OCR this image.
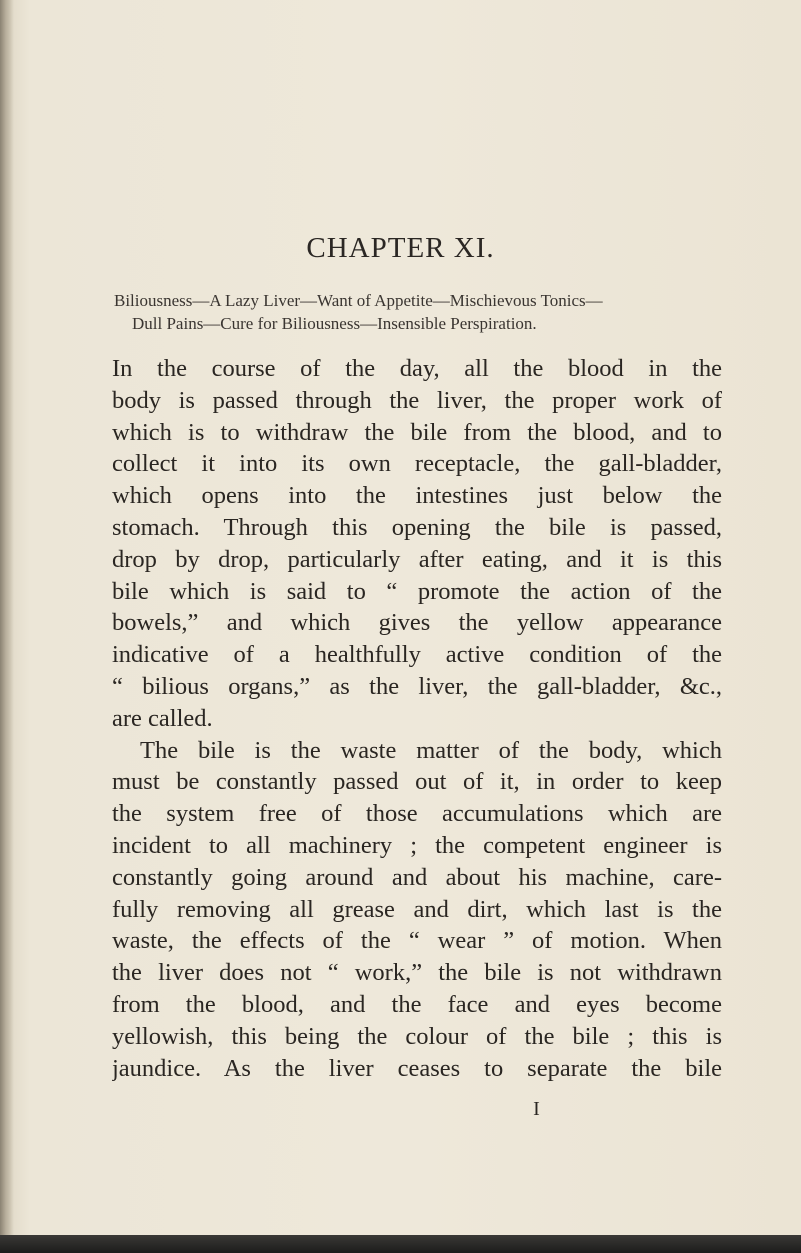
CHAPTER XI.
Biliousness—A Lazy Liver—Want of Appetite—Mischievous Tonics—
Dull Pains—Cure for Biliousness—Insensible Perspiration.

In the course of the day, all the blood in the
body is passed through the liver, the proper work of
which is to withdraw the bile from the blood, and to
collect it into its own receptacle, the gall-bladder,
which opens into the intestines just below the
stomach. Through this opening the bile is passed,
drop by drop, particularly after eating, and it is this
bile which is said to “ promote the action of the
bowels,” and which gives the yellow appearance
indicative of a healthfully active condition of the
“ bilious organs,” as the liver, the gall-bladder, &c.,
are called.

The bile is the waste matter of the body, which
must be constantly passed out of it, in order to keep
the system free of those accumulations which are
incident to all machinery ; the competent engineer is
constantly going around and about his machine, care-
fully removing all grease and dirt, which last is the
waste, the effects of the “ wear ” of motion. When
the liver does not “ work,” the bile is not withdrawn
from the blood, and the face and eyes become
yellowish, this being the colour of the bile ; this is
jaundice. As the liver ceases to separate the bile

I
